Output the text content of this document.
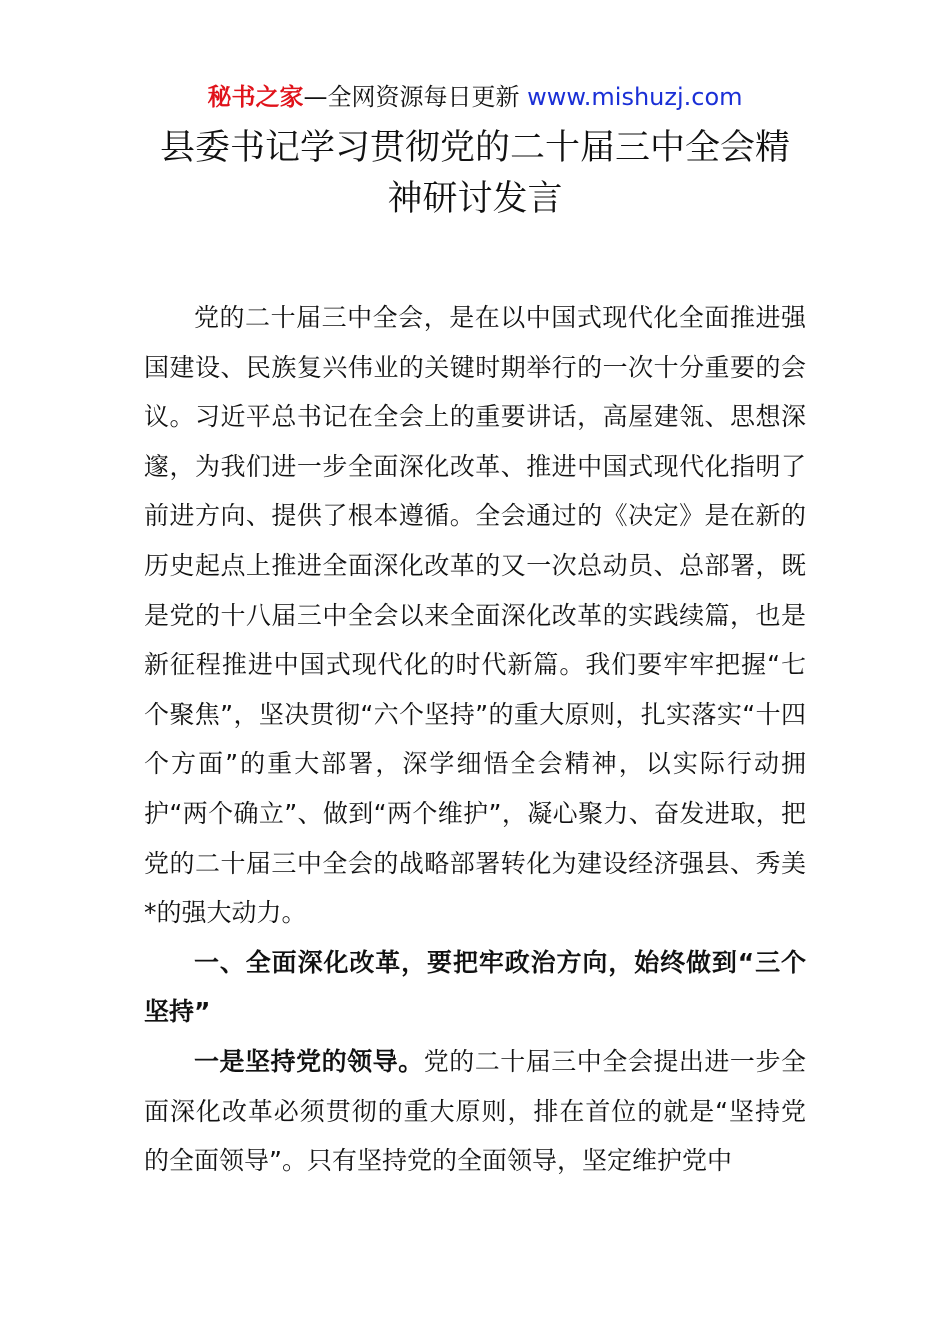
秘书之家—全网资源每日更新 www.mishuzj.com
县委书记学习贯彻党的二十届三中全会精神研讨发言

党的二十届三中全会，是在以中国式现代化全面推进强国建设、民族复兴伟业的关键时期举行的一次十分重要的会议。习近平总书记在全会上的重要讲话，高屋建瓴、思想深邃，为我们进一步全面深化改革、推进中国式现代化指明了前进方向、提供了根本遵循。全会通过的《决定》是在新的历史起点上推进全面深化改革的又一次总动员、总部署，既是党的十八届三中全会以来全面深化改革的实践续篇，也是新征程推进中国式现代化的时代新篇。我们要牢牢把握“七个聚焦”，坚决贯彻“六个坚持”的重大原则，扎实落实“十四个方面”的重大部署，深学细悟全会精神，以实际行动拥护“两个确立”、做到“两个维护”，凝心聚力、奋发进取，把党的二十届三中全会的战略部署转化为建设经济强县、秀美*的强大动力。

一、全面深化改革，要把牢政治方向，始终做到“三个坚持”

一是坚持党的领导。党的二十届三中全会提出进一步全面深化改革必须贯彻的重大原则，排在首位的就是“坚持党的全面领导”。只有坚持党的全面领导，坚定维护党中
